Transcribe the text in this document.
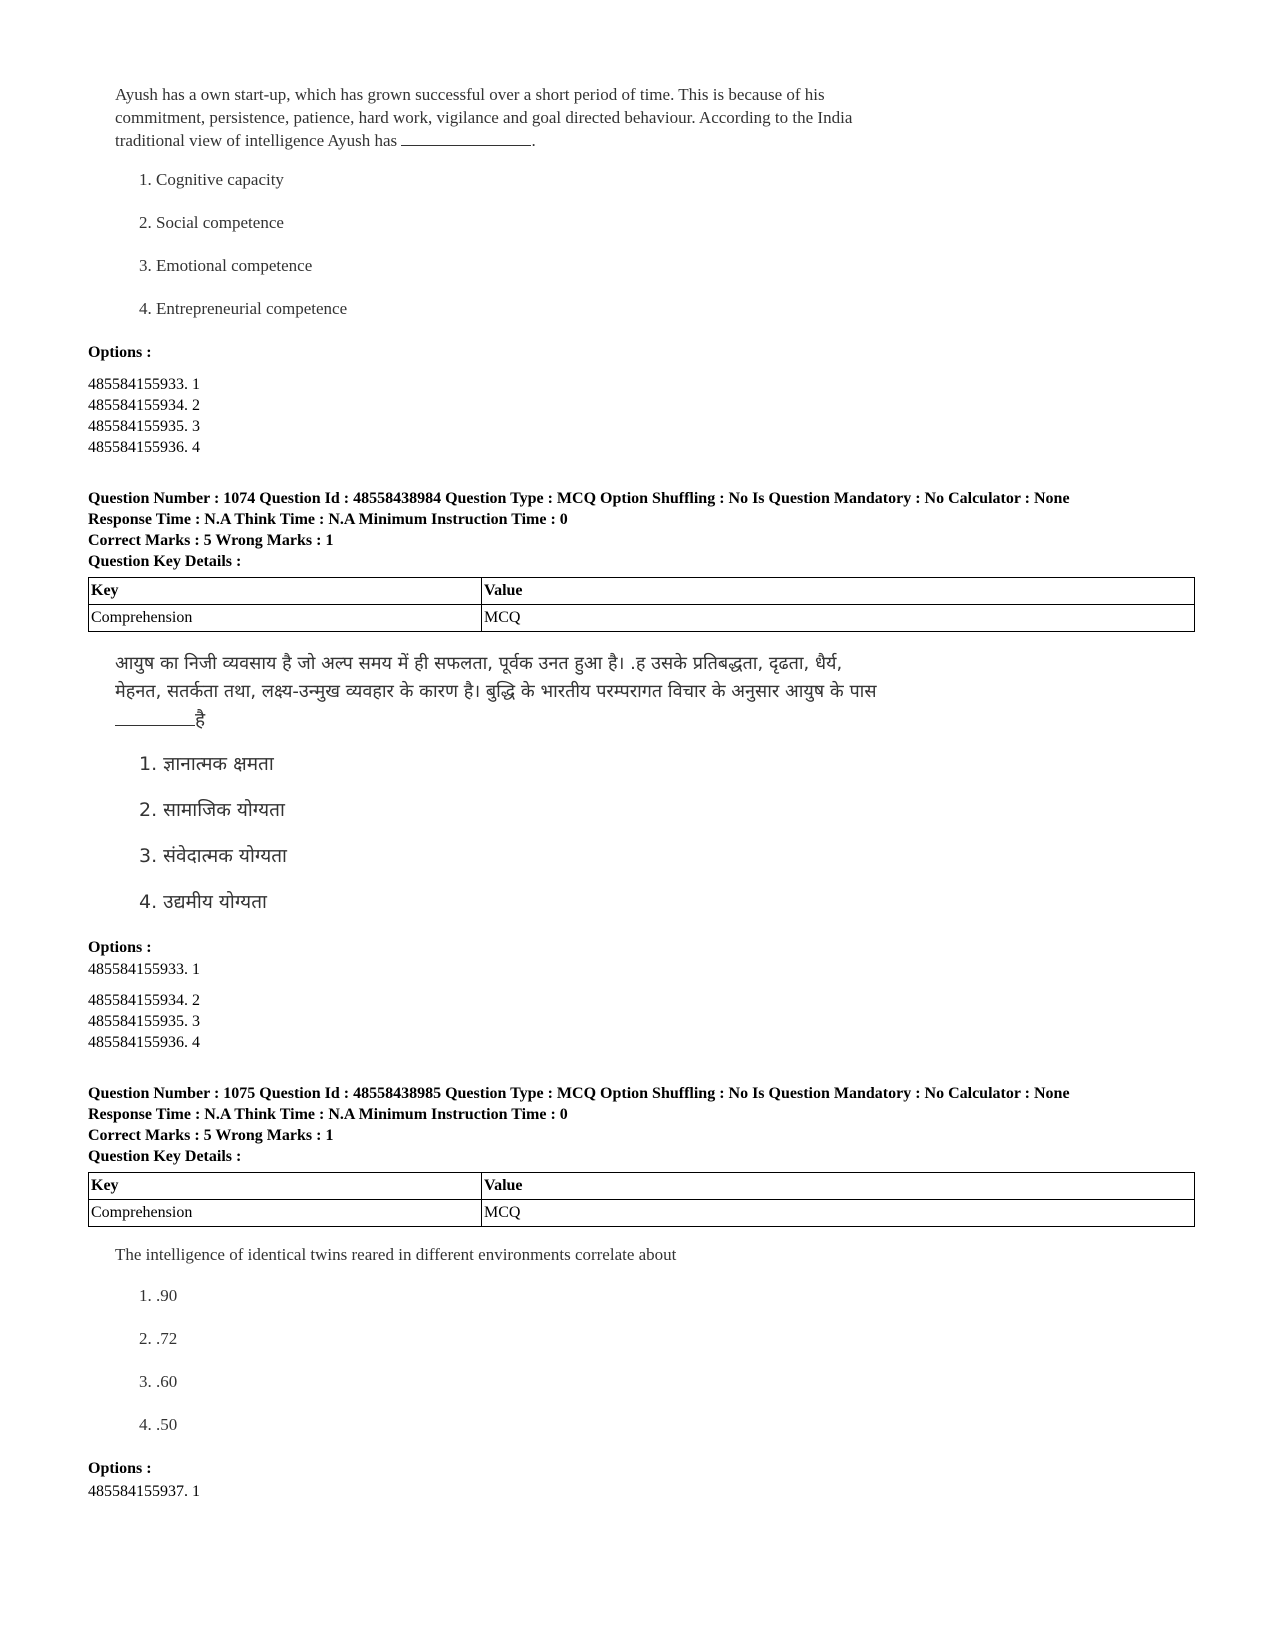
Ayush has a own start-up, which has grown successful over a short period of time. This is because of his
commitment, persistence, patience, hard work, vigilance and goal directed behaviour. According to the India
traditional view of intelligence Ayush has	.
1. Cognitive capacity
2. Social competence
3. Emotional competence
4. Entrepreneurial competence
Options :
485584155933. 1
485584155934. 2
485584155935. 3
485584155936. 4
Question Number : 1074 Question Id : 48558438984 Question Type : MCQ Option Shuffling : No Is Question Mandatory : No Calculator : None
Response Time : N.A Think Time : N.A Minimum Instruction Time : 0
Correct Marks : 5 Wrong Marks : 1
Question Key Details :
Key	Value
Comprehension	MCQ
आयुष का निजी व्यवसाय है जो अल्प समय में ही सफलता, पूर्वक उनत हुआ है। .ह उसके प्रतिबद्धता, दृढता, धैर्य,
मेहनत, सतर्कता तथा, लक्ष्य-उन्मुख व्यवहार के कारण है। बुद्धि के भारतीय परम्परागत विचार के अनुसार आयुष के पास
है
1. ज्ञानात्मक क्षमता
2. सामाजिक योग्यता
3. संवेदात्मक योग्यता
4. उद्यमीय योग्यता
Options :
485584155933. 1
485584155934. 2
485584155935. 3
485584155936. 4
Question Number : 1075 Question Id : 48558438985 Question Type : MCQ Option Shuffling : No Is Question Mandatory : No Calculator : None
Response Time : N.A Think Time : N.A Minimum Instruction Time : 0
Correct Marks : 5 Wrong Marks : 1
Question Key Details :
Key	Value
Comprehension	MCQ
The intelligence of identical twins reared in different environments correlate about
1. .90
2. .72
3. .60
4. .50
Options :
485584155937. 1
